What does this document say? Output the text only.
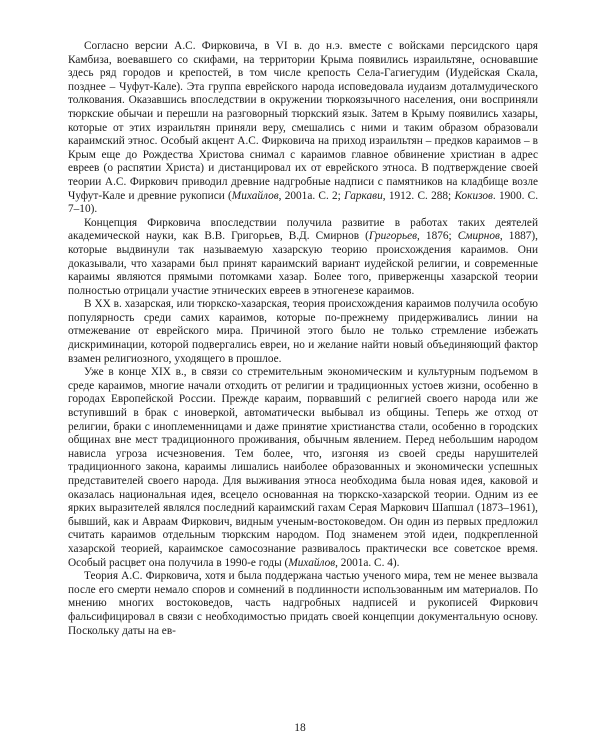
Согласно версии А.С. Фирковича, в VI в. до н.э. вместе с войсками персидского царя Камбиза, воевавшего со скифами, на территории Крыма появились израильтяне, основавшие здесь ряд городов и крепостей, в том числе крепость Села-Гагиегудим (Иудейская Скала, позднее – Чуфут-Кале). Эта группа еврейского народа исповедовала иудаизм доталмудического толкования. Оказавшись впоследствии в окружении тюркоязычного населения, они восприняли тюркские обычаи и перешли на разговорный тюркский язык. Затем в Крыму появились хазары, которые от этих израильтян приняли веру, смешались с ними и таким образом образовали караимский этнос. Особый акцент А.С. Фирковича на приход израильтян – предков караимов – в Крым еще до Рождества Христова снимал с караимов главное обвинение христиан в адрес евреев (о распятии Христа) и дистанцировал их от еврейского этноса. В подтверждение своей теории А.С. Фиркович приводил древние надгробные надписи с памятников на кладбище возле Чуфут-Кале и древние рукописи (Михайлов, 2001а. С. 2; Гаркави, 1912. С. 288; Кокизов. 1900. С. 7–10).

Концепция Фирковича впоследствии получила развитие в работах таких деятелей академической науки, как В.В. Григорьев, В.Д. Смирнов (Григорьев, 1876; Смирнов, 1887), которые выдвинули так называемую хазарскую теорию происхождения караимов. Они доказывали, что хазарами был принят караимский вариант иудейской религии, и современные караимы являются прямыми потомками хазар. Более того, приверженцы хазарской теории полностью отрицали участие этнических евреев в этногенезе караимов.

В XX в. хазарская, или тюркско-хазарская, теория происхождения караимов получила особую популярность среди самих караимов, которые по-прежнему придерживались линии на отмежевание от еврейского мира. Причиной этого было не только стремление избежать дискриминации, которой подвергались евреи, но и желание найти новый объединяющий фактор взамен религиозного, уходящего в прошлое.

Уже в конце XIX в., в связи со стремительным экономическим и культурным подъемом в среде караимов, многие начали отходить от религии и традиционных устоев жизни, особенно в городах Европейской России. Прежде караим, порвавший с религией своего народа или же вступивший в брак с иноверкой, автоматически выбывал из общины. Теперь же отход от религии, браки с иноплеменницами и даже принятие христианства стали, особенно в городских общинах вне мест традиционного проживания, обычным явлением. Перед небольшим народом нависла угроза исчезновения. Тем более, что, изгоняя из своей среды нарушителей традиционного закона, караимы лишались наиболее образованных и экономически успешных представителей своего народа. Для выживания этноса необходима была новая идея, каковой и оказалась национальная идея, всецело основанная на тюркско-хазарской теории. Одним из ее ярких выразителей являлся последний караимский гахам Серая Маркович Шапшал (1873–1961), бывший, как и Авраам Фиркович, видным ученым-востоковедом. Он один из первых предложил считать караимов отдельным тюркским народом. Под знаменем этой идеи, подкрепленной хазарской теорией, караимское самосознание развивалось практически все советское время. Особый расцвет она получила в 1990-е годы (Михайлов, 2001а. С. 4).

Теория А.С. Фирковича, хотя и была поддержана частью ученого мира, тем не менее вызвала после его смерти немало споров и сомнений в подлинности использованным им материалов. По мнению многих востоковедов, часть надгробных надписей и рукописей Фиркович фальсифицировал в связи с необходимостью придать своей концепции документальную основу. Поскольку даты на ев-

18
